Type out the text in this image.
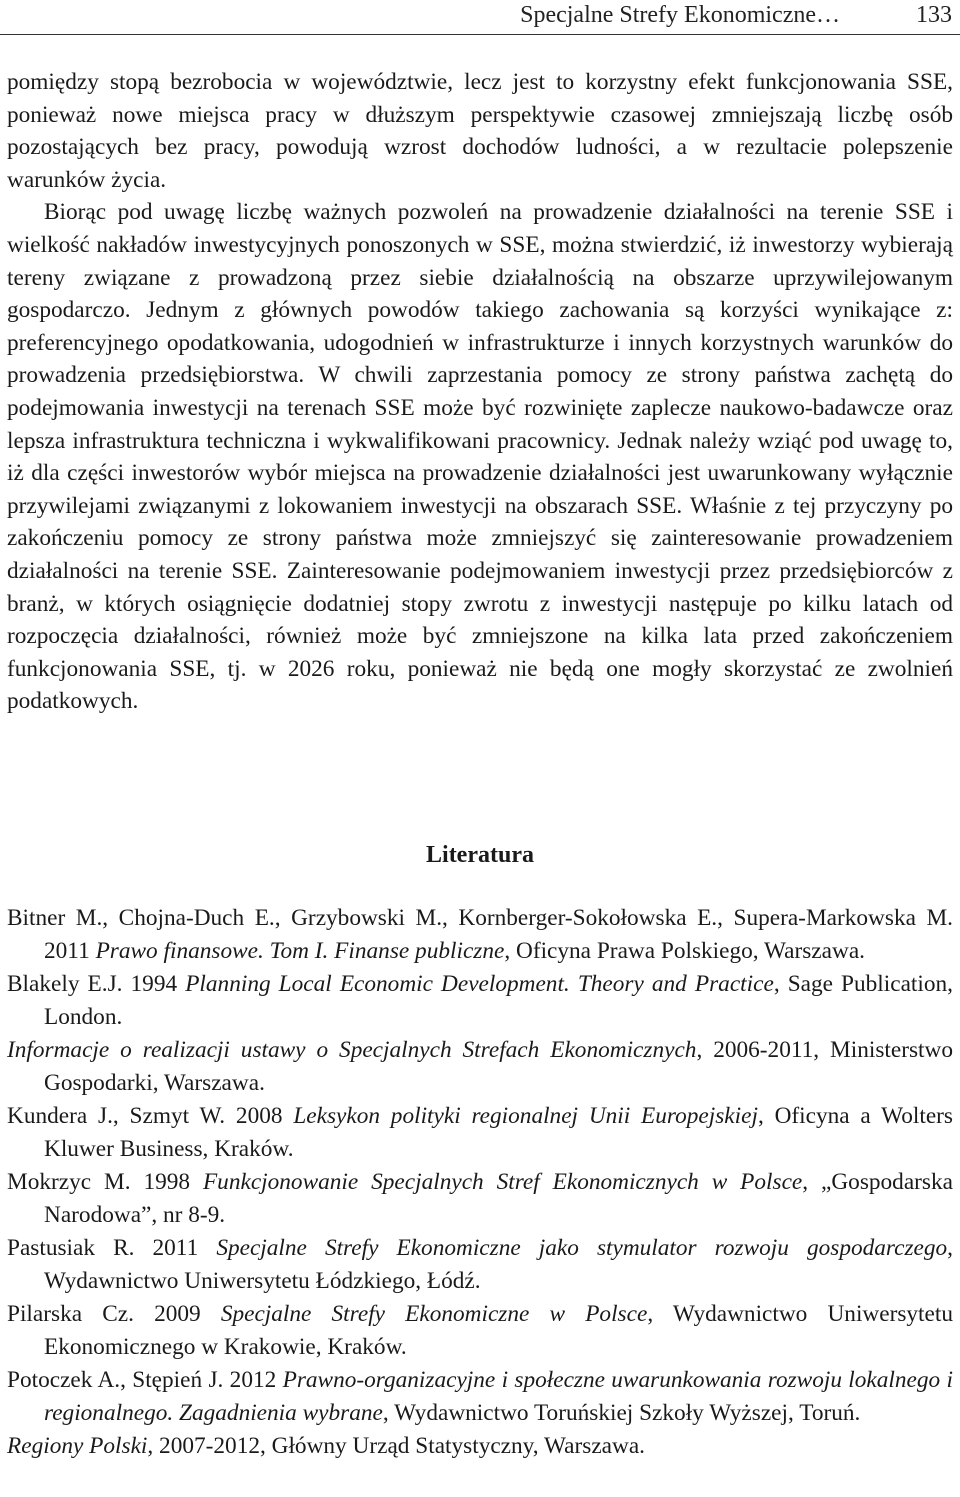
Specjalne Strefy Ekonomiczne…	133

pomiędzy stopą bezrobocia w województwie, lecz jest to korzystny efekt funkcjonowania SSE, ponieważ nowe miejsca pracy w dłuższym perspektywie czasowej zmniejszają liczbę osób pozostających bez pracy, powodują wzrost dochodów ludności, a w rezultacie polepszenie warunków życia.

Biorąc pod uwagę liczbę ważnych pozwoleń na prowadzenie działalności na terenie SSE i wielkość nakładów inwestycyjnych ponoszonych w SSE, można stwierdzić, iż inwestorzy wybierają tereny związane z prowadzoną przez siebie działalnością na obszarze uprzywilejowanym gospodarczo. Jednym z głównych powodów takiego zachowania są korzyści wynikające z: preferencyjnego opodatkowania, udogodnień w infrastrukturze i innych korzystnych warunków do prowadzenia przedsiębiorstwa. W chwili zaprzestania pomocy ze strony państwa zachętą do podejmowania inwestycji na terenach SSE może być rozwinięte zaplecze naukowo-badawcze oraz lepsza infrastruktura techniczna i wykwalifikowani pracownicy. Jednak należy wziąć pod uwagę to, iż dla części inwestorów wybór miejsca na prowadzenie działalności jest uwarunkowany wyłącznie przywilejami związanymi z lokowaniem inwestycji na obszarach SSE. Właśnie z tej przyczyny po zakończeniu pomocy ze strony państwa może zmniejszyć się zainteresowanie prowadzeniem działalności na terenie SSE. Zainteresowanie podejmowaniem inwestycji przez przedsiębiorców z branż, w których osiągnięcie dodatniej stopy zwrotu z inwestycji następuje po kilku latach od rozpoczęcia działalności, również może być zmniejszone na kilka lata przed zakończeniem funkcjonowania SSE, tj. w 2026 roku, ponieważ nie będą one mogły skorzystać ze zwolnień podatkowych.

Literatura
Bitner M., Chojna-Duch E., Grzybowski M., Kornberger-Sokołowska E., Supera-Markowska M. 2011 Prawo finansowe. Tom I. Finanse publiczne, Oficyna Prawa Polskiego, Warszawa.
Blakely E.J. 1994 Planning Local Economic Development. Theory and Practice, Sage Publication, London.
Informacje o realizacji ustawy o Specjalnych Strefach Ekonomicznych, 2006-2011, Ministerstwo Gospodarki, Warszawa.
Kundera J., Szmyt W. 2008 Leksykon polityki regionalnej Unii Europejskiej, Oficyna a Wolters Kluwer Business, Kraków.
Mokrzyc M. 1998 Funkcjonowanie Specjalnych Stref Ekonomicznych w Polsce, „Gospodarska Narodowa”, nr 8-9.
Pastusiak R. 2011 Specjalne Strefy Ekonomiczne jako stymulator rozwoju gospodarczego, Wydawnictwo Uniwersytetu Łódzkiego, Łódź.
Pilarska Cz. 2009 Specjalne Strefy Ekonomiczne w Polsce, Wydawnictwo Uniwersytetu Ekonomicznego w Krakowie, Kraków.
Potoczek A., Stępień J. 2012 Prawno-organizacyjne i społeczne uwarunkowania rozwoju lokalnego i regionalnego. Zagadnienia wybrane, Wydawnictwo Toruńskiej Szkoły Wyższej, Toruń.
Regiony Polski, 2007-2012, Główny Urząd Statystyczny, Warszawa.
